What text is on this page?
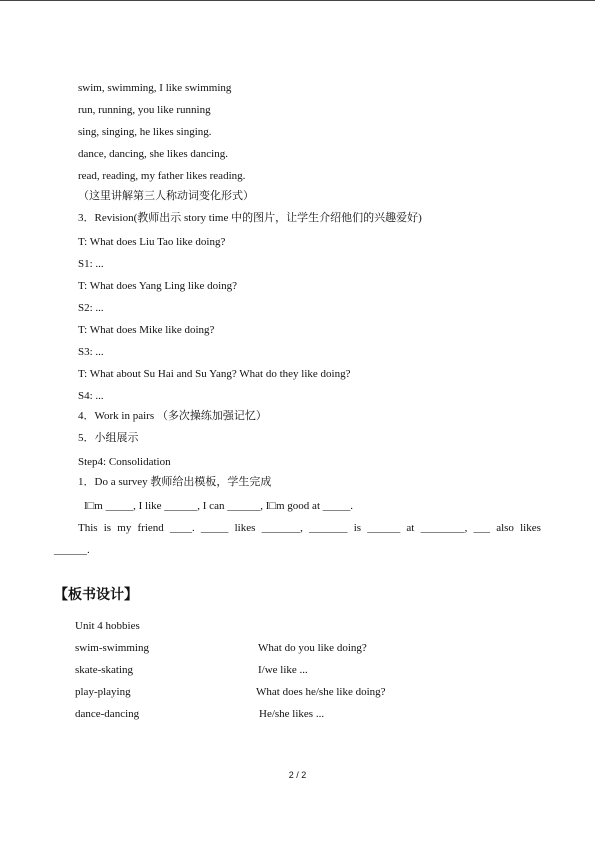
swim, swimming, I like swimming
run, running, you like running
sing, singing, he likes singing.
dance, dancing, she likes dancing.
read, reading, my father likes reading.
（这里讲解第三人称动词变化形式）
3．Revision(教师出示 story time 中的图片，让学生介绍他们的兴趣爱好)
T: What does Liu Tao like doing?
S1: ...
T: What does Yang Ling like doing?
S2: ...
T: What does Mike like doing?
S3: ...
T: What about Su Hai and Su Yang? What do they like doing?
S4: ...
4．Work in pairs （多次操练加强记忆）
5．小组展示
Step4: Consolidation
1．Do a survey 教师给出模板，学生完成
I□m _____, I like ______, I can ______, I□m good at _____.
This is my friend ____. _____ likes _______, _______ is ______ at ________, ___ also likes
______.
【板书设计】
Unit 4 hobbies
swim-swimming	What do you like doing?
skate-skating	I/we like ...
play-playing	What does he/she like doing?
dance-dancing	He/she likes ...
2 / 2
